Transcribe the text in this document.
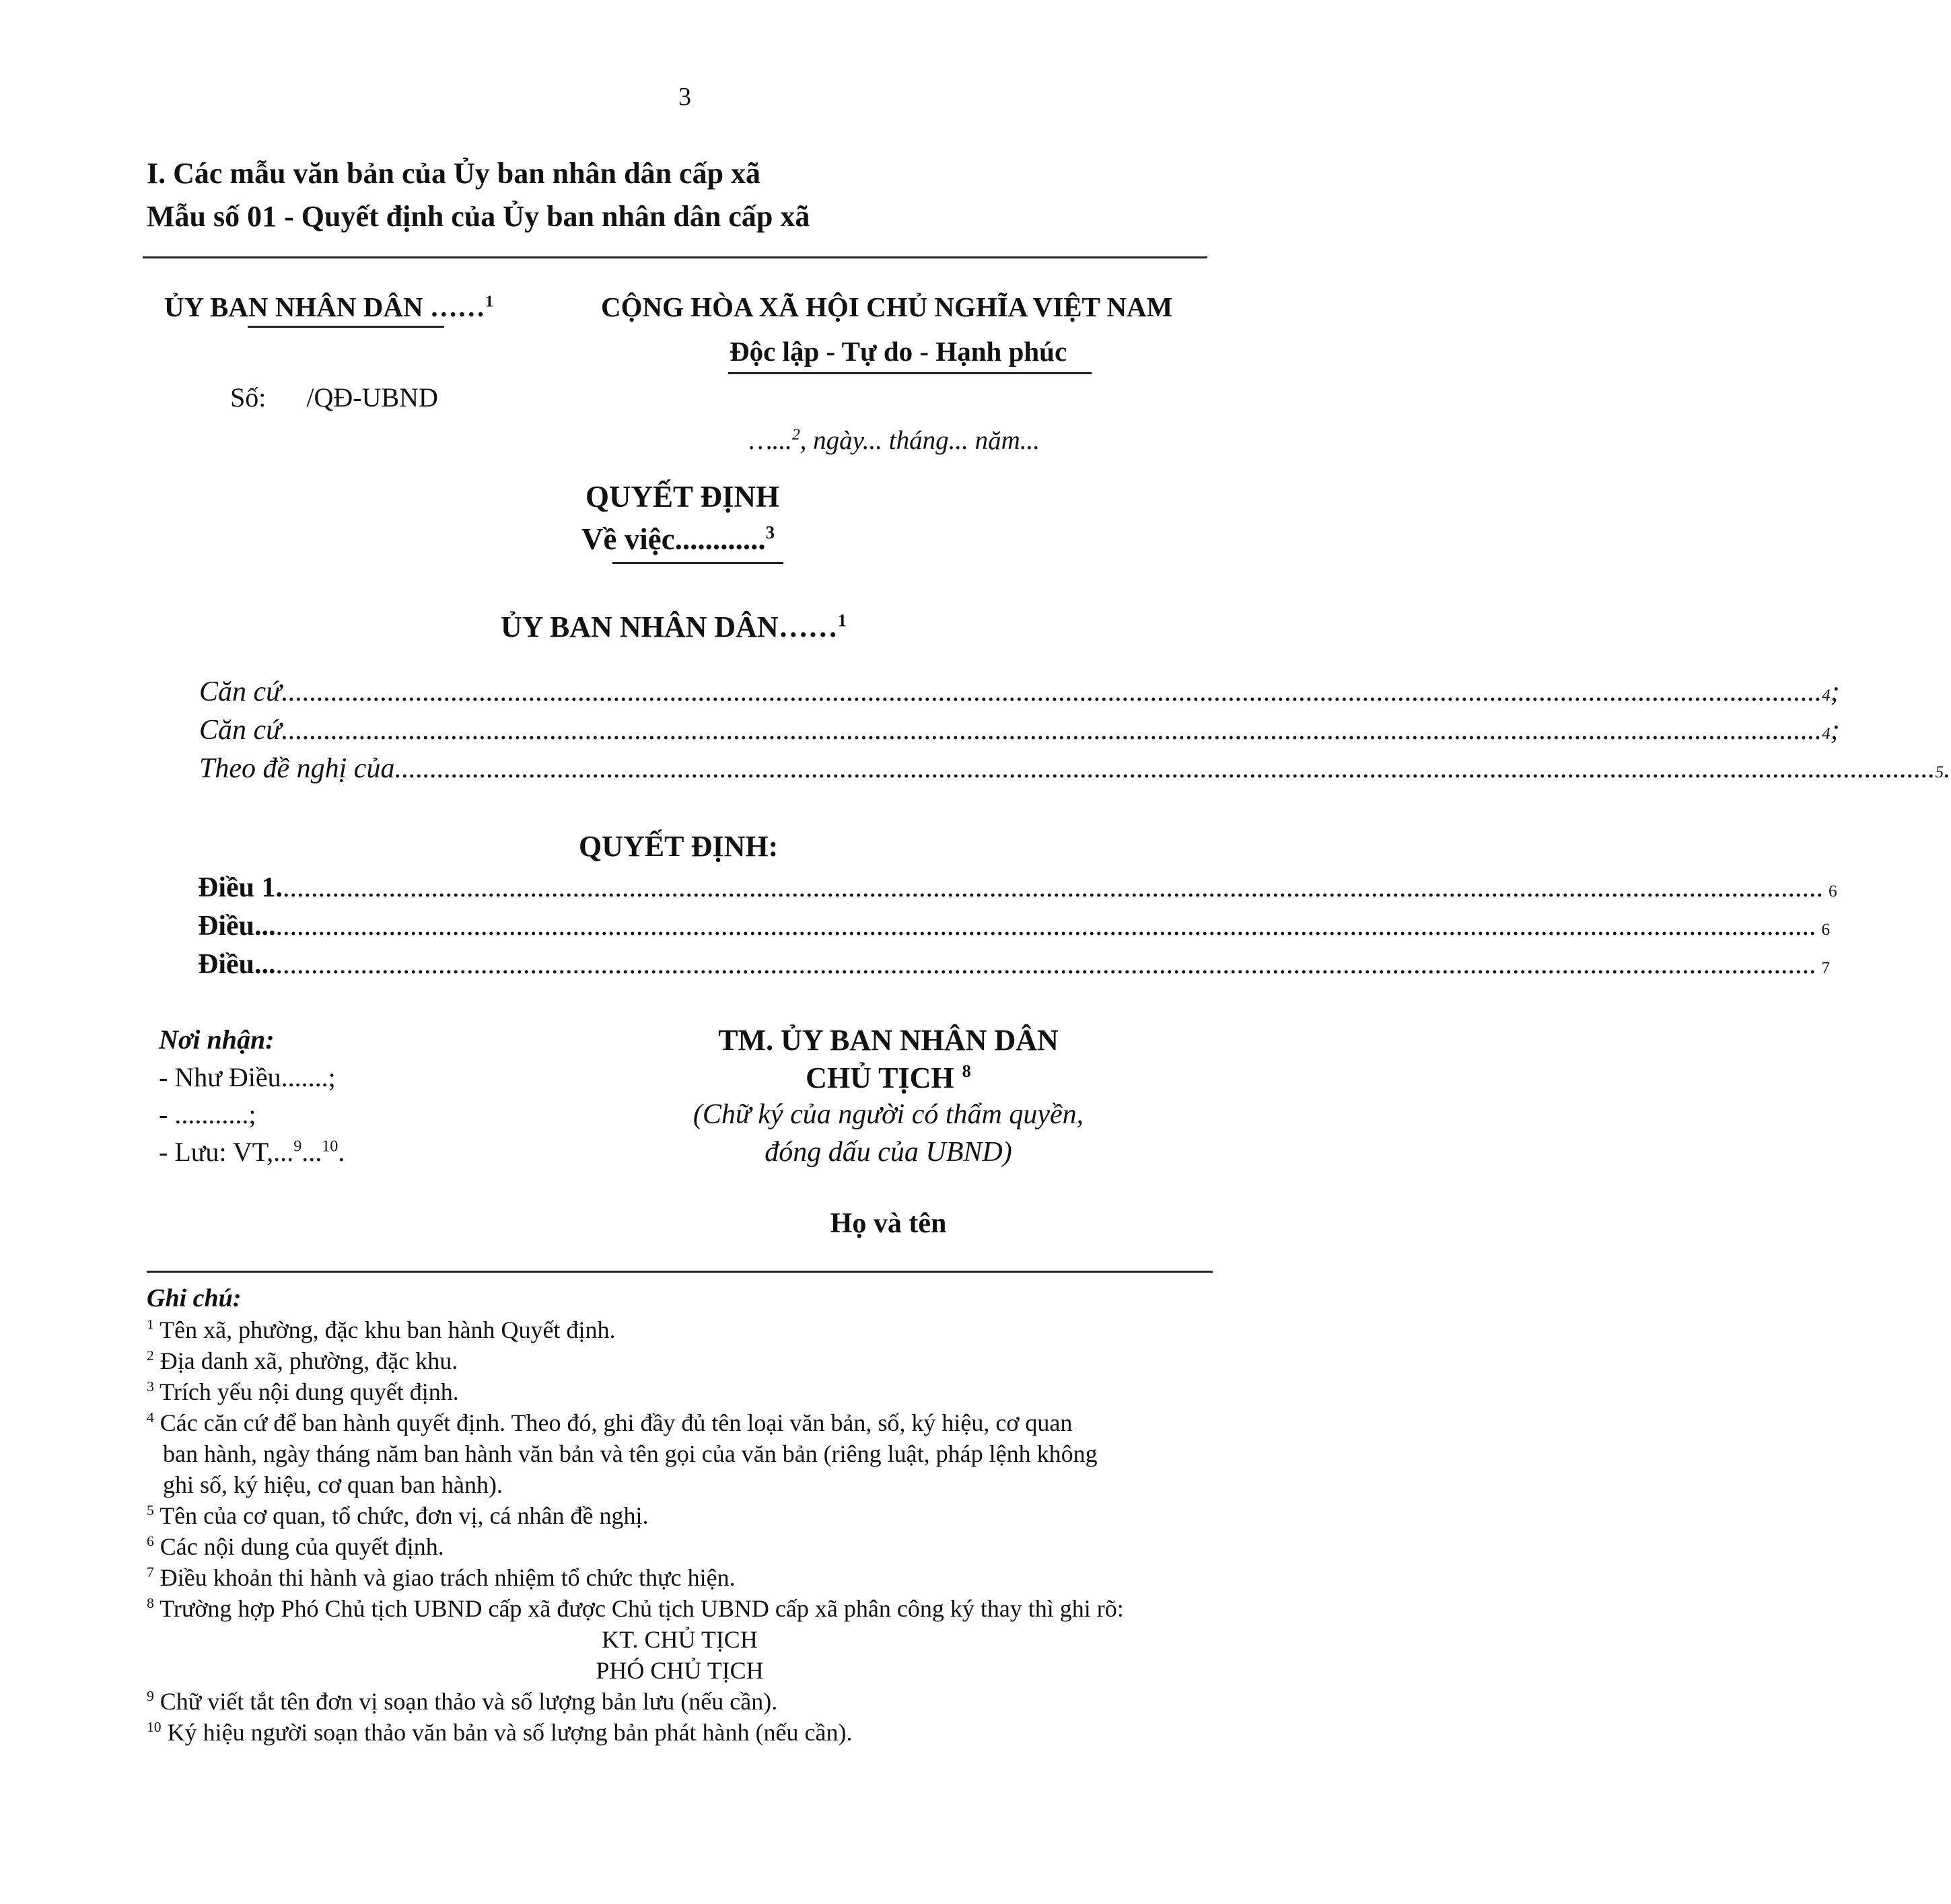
3
I. Các mẫu văn bản của Ủy ban nhân dân cấp xã
Mẫu số 01 - Quyết định của Ủy ban nhân dân cấp xã
ỦY BAN NHÂN DÂN ……$^1$
Số: /QĐ-UBND
CỘNG HÒA XÃ HỘI CHỦ NGHĨA VIỆT NAM
Độc lập - Tự do - Hạnh phúc
…...$^2$, ngày... tháng... năm...
QUYẾT ĐỊNH
Về việc............$^3$
ỦY BAN NHÂN DÂN……$^1$
Căn cứ .......................................................................................................................................................................................................................... 4 ;
Căn cứ .......................................................................................................................................................................................................................... 4 ;
Theo đề nghị của .......................................................................................................................................................................................................................... 5 .
QUYẾT ĐỊNH:
Điều 1. .......................................................................................................................................................................................................................... 6
Điều... .......................................................................................................................................................................................................................... 6
Điều... .......................................................................................................................................................................................................................... 7
Nơi nhận:
- Như Điều.......;
- ...........;
- Lưu: VT,...$^9$...$^{10}$.
TM. ỦY BAN NHÂN DÂN
CHỦ TỊCH $^8$
(Chữ ký của người có thẩm quyền,
đóng dấu của UBND)
Họ và tên
Ghi chú:
$^1$ Tên xã, phường, đặc khu ban hành Quyết định.
$^2$ Địa danh xã, phường, đặc khu.
$^3$ Trích yếu nội dung quyết định.
$^4$ Các căn cứ để ban hành quyết định. Theo đó, ghi đầy đủ tên loại văn bản, số, ký hiệu, cơ quan
ban hành, ngày tháng năm ban hành văn bản và tên gọi của văn bản (riêng luật, pháp lệnh không
ghi số, ký hiệu, cơ quan ban hành).
$^5$ Tên của cơ quan, tổ chức, đơn vị, cá nhân đề nghị.
$^6$ Các nội dung của quyết định.
$^7$ Điều khoản thi hành và giao trách nhiệm tổ chức thực hiện.
$^8$ Trường hợp Phó Chủ tịch UBND cấp xã được Chủ tịch UBND cấp xã phân công ký thay thì ghi rõ:
KT. CHỦ TỊCH
PHÓ CHỦ TỊCH
$^9$ Chữ viết tắt tên đơn vị soạn thảo và số lượng bản lưu (nếu cần).
$^{10}$ Ký hiệu người soạn thảo văn bản và số lượng bản phát hành (nếu cần).
